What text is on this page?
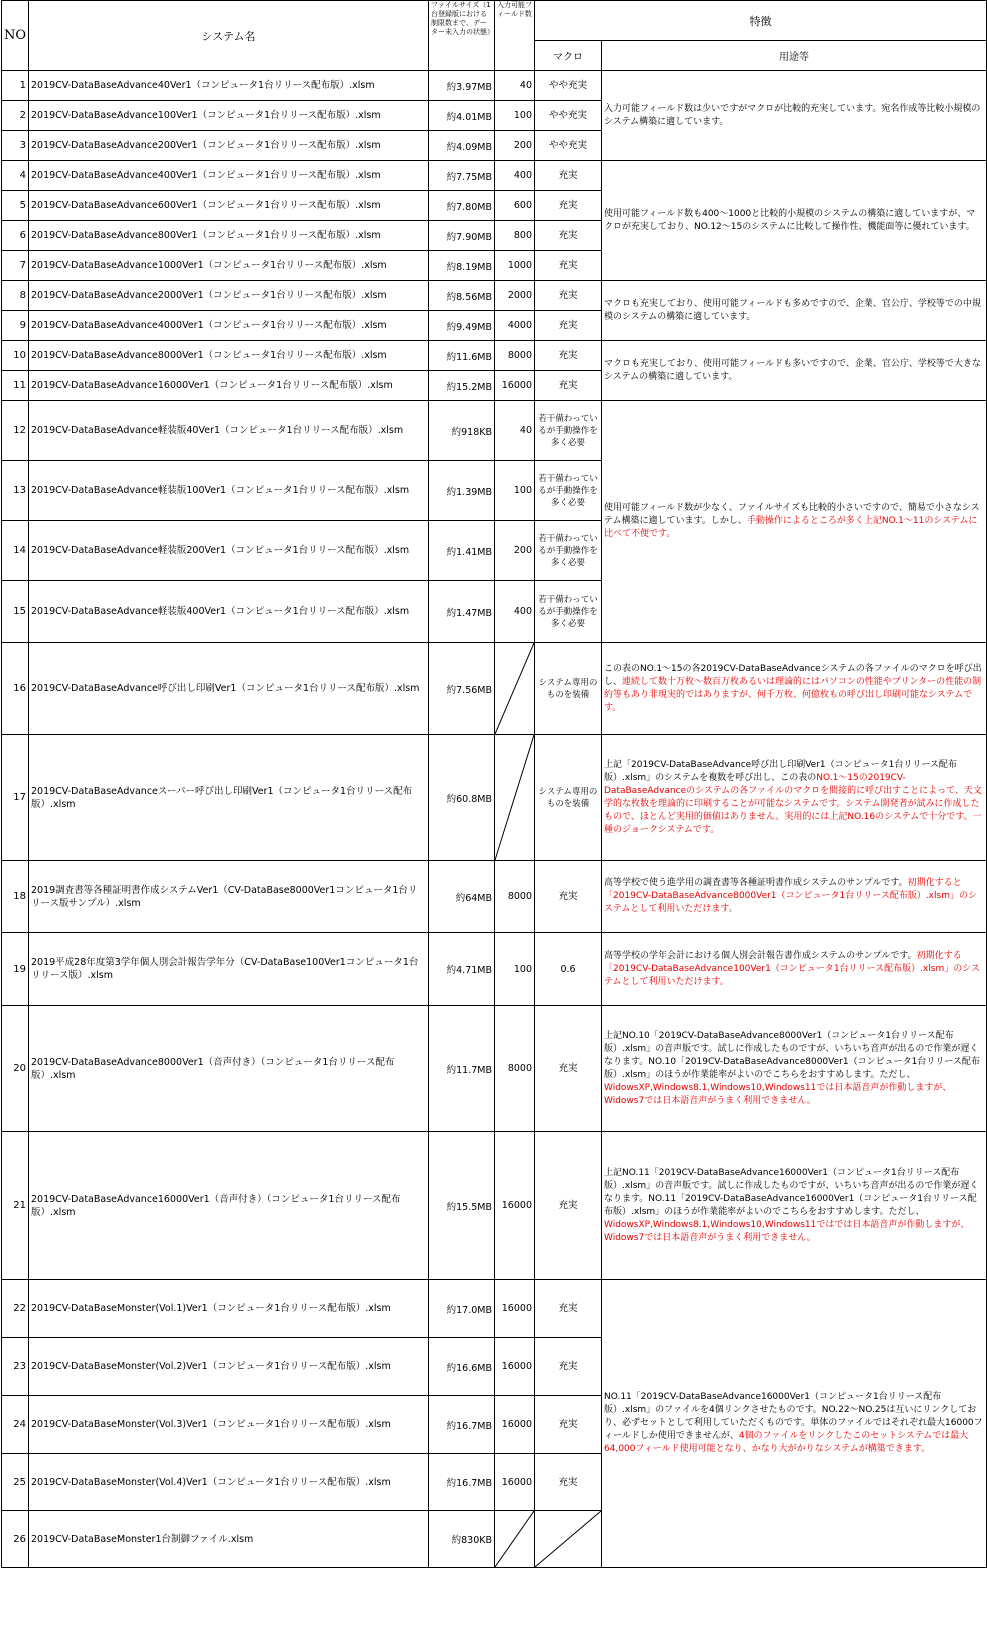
NO	システム名	ファイルサイズ（1台登録版における制限数まで、データー未入力の状態）	入力可能フィールド数	特徴	
				マクロ	用途等
1	2019CV-DataBaseAdvance40Ver1（コンピュータ1台リリース配布版）.xlsm	約3.97MB	40	やや充実	入力可能フィールド数は少いですがマクロが比較的充実しています。宛名作成等比較小規模のシステム構築に適しています。
2	2019CV-DataBaseAdvance100Ver1（コンピュータ1台リリース配布版）.xlsm	約4.01MB	100	やや充実	
3	2019CV-DataBaseAdvance200Ver1（コンピュータ1台リリース配布版）.xlsm	約4.09MB	200	やや充実	
4	2019CV-DataBaseAdvance400Ver1（コンピュータ1台リリース配布版）.xlsm	約7.75MB	400	充実	使用可能フィールド数も400～1000と比較的小規模のシステムの構築に適していますが、マクロが充実しており、NO.12～15のシステムに比較して操作性、機能面等に優れています。
5	2019CV-DataBaseAdvance600Ver1（コンピュータ1台リリース配布版）.xlsm	約7.80MB	600	充実	
6	2019CV-DataBaseAdvance800Ver1（コンピュータ1台リリース配布版）.xlsm	約7.90MB	800	充実	
7	2019CV-DataBaseAdvance1000Ver1（コンピュータ1台リリース配布版）.xlsm	約8.19MB	1000	充実	
8	2019CV-DataBaseAdvance2000Ver1（コンピュータ1台リリース配布版）.xlsm	約8.56MB	2000	充実	マクロも充実しており、使用可能フィールドも多めですので、企業、官公庁、学校等での中規模のシステムの構築に適しています。
9	2019CV-DataBaseAdvance4000Ver1（コンピュータ1台リリース配布版）.xlsm	約9.49MB	4000	充実	
10	2019CV-DataBaseAdvance8000Ver1（コンピュータ1台リリース配布版）.xlsm	約11.6MB	8000	充実	マクロも充実しており、使用可能フィールドも多いですので、企業、官公庁、学校等で大きなシステムの構築に適しています。
11	2019CV-DataBaseAdvance16000Ver1（コンピュータ1台リリース配布版）.xlsm	約15.2MB	16000	充実	
12	2019CV-DataBaseAdvance軽装版40Ver1（コンピュータ1台リリース配布版）.xlsm	約918KB	40	若干備わっているが手動操作を多く必要	使用可能フィールド数が少なく、ファイルサイズも比較的小さいですので、簡易で小さなシステム構築に適しています。しかし、手動操作によるところが多く上記NO.1～11のシステムに比べて不便です。
13	2019CV-DataBaseAdvance軽装版100Ver1（コンピュータ1台リリース配布版）.xlsm	約1.39MB	100	若干備わっているが手動操作を多く必要	
14	2019CV-DataBaseAdvance軽装版200Ver1（コンピュータ1台リリース配布版）.xlsm	約1.41MB	200	若干備わっているが手動操作を多く必要	
15	2019CV-DataBaseAdvance軽装版400Ver1（コンピュータ1台リリース配布版）.xlsm	約1.47MB	400	若干備わっているが手動操作を多く必要	
16	2019CV-DataBaseAdvance呼び出し印刷Ver1（コンピュータ1台リリース配布版）.xlsm	約7.56MB		システム専用のものを装備	この表のNO.1～15の各2019CV-DataBaseAdvanceシステムの各ファイルのマクロを呼び出し、連続して数十万枚～数百万枚あるいは理論的にはパソコンの性能やプリンターの性能の制約等もあり非現実的ではありますが、何千万枚、何億枚もの呼び出し印刷可能なシステムです。
17	2019CV-DataBaseAdvanceスーパー呼び出し印刷Ver1（コンピュータ1台リリース配布版）.xlsm	約60.8MB		システム専用のものを装備	上記「2019CV-DataBaseAdvance呼び出し印刷Ver1（コンピュータ1台リリース配布版）.xlsm」のシステムを複数を呼び出し、この表のNO.1～15の2019CV-DataBaseAdvanceのシステムの各ファイルのマクロを間接的に呼び出すことによって、天文学的な枚数を理論的に印刷することが可能なシステムです。システム開発者が試みに作成したもので、ほとんど実用的価値はありません。実用的には上記NO.16のシステムで十分です。一種のジョークシステムです。
18	2019調査書等各種証明書作成システムVer1（CV-DataBase8000Ver1コンピュータ1台リリース版サンプル）.xlsm	約64MB	8000	充実	高等学校で使う進学用の調査書等各種証明書作成システムのサンプルです。初期化すると「2019CV-DataBaseAdvance8000Ver1（コンピュータ1台リリース配布版）.xlsm」のシステムとして利用いただけます。
19	2019平成28年度第3学年個人別会計報告学年分（CV-DataBase100Ver1コンピュータ1台リリース版）.xlsm	約4.71MB	100	0.6	高等学校の学年会計における個人別会計報告書作成システムのサンプルです。初期化する「2019CV-DataBaseAdvance100Ver1（コンピュータ1台リリース配布版）.xlsm」のシステムとして利用いただけます。
20	2019CV-DataBaseAdvance8000Ver1（音声付き）（コンピュータ1台リリース配布版）.xlsm	約11.7MB	8000	充実	上記NO.10「2019CV-DataBaseAdvance8000Ver1（コンピュータ1台リリース配布版）.xlsm」の音声版です。試しに作成したものですが、いちいち音声が出るので作業が遅くなります。NO.10「2019CV-DataBaseAdvance8000Ver1（コンピュータ1台リリース配布版）.xlsm」のほうが作業能率がよいのでこちらをおすすめします。ただし、WidowsXP,Windows8.1,Windows10,Windows11では日本語音声が作動しますが、Widows7では日本語音声がうまく利用できません。
21	2019CV-DataBaseAdvance16000Ver1（音声付き）（コンピュータ1台リリース配布版）.xlsm	約15.5MB	16000	充実	上記NO.11「2019CV-DataBaseAdvance16000Ver1（コンピュータ1台リリース配布版）.xlsm」の音声版です。試しに作成したものですが、いちいち音声が出るので作業が遅くなります。NO.11「2019CV-DataBaseAdvance16000Ver1（コンピュータ1台リリース配布版）.xlsm」のほうが作業能率がよいのでこちらをおすすめします。ただし、WidowsXP,Windows8.1,Windows10,Windows11ではでは日本語音声が作動しますが、Widows7では日本語音声がうまく利用できません。
22	2019CV-DataBaseMonster(Vol.1)Ver1（コンピュータ1台リリース配布版）.xlsm	約17.0MB	16000	充実	NO.11「2019CV-DataBaseAdvance16000Ver1（コンピュータ1台リリース配布版）.xlsm」のファイルを4個リンクさせたものです。NO.22～NO.25は互いにリンクしており、必ずセットとして利用していただくものです。単体のファイルではそれぞれ最大16000フィールドしか使用できませんが、4個のファイルをリンクしたこのセットシステムでは最大64,000フィールド使用可能となり、かなり大がかりなシステムが構築できます。
23	2019CV-DataBaseMonster(Vol.2)Ver1（コンピュータ1台リリース配布版）.xlsm	約16.6MB	16000	充実	
24	2019CV-DataBaseMonster(Vol.3)Ver1（コンピュータ1台リリース配布版）.xlsm	約16.7MB	16000	充実	
25	2019CV-DataBaseMonster(Vol.4)Ver1（コンピュータ1台リリース配布版）.xlsm	約16.7MB	16000	充実	
26	2019CV-DataBaseMonster1台制御ファイル.xlsm	約830KB	
